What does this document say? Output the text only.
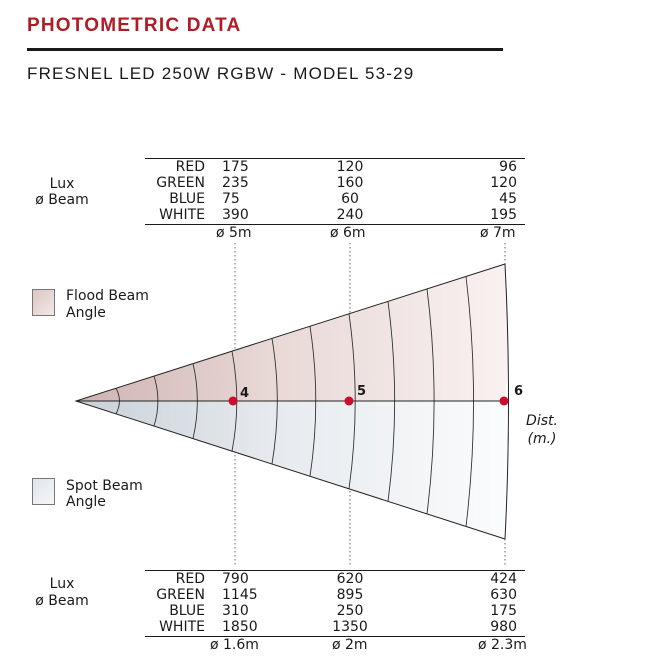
PHOTOMETRIC DATA
FRESNEL LED 250W RGBW - MODEL 53-29
Lux
ø Beam
RED 175	120	96
GREEN 235	160	120
BLUE 75	60	45
WHITE 390	240	195
ø 5m	ø 6m	ø 7m
Flood Beam
Angle
Spot Beam
Angle
4	5	6
Dist.
(m.)
Lux
ø Beam
RED 790	620	424
GREEN 1145	895	630
BLUE 310	250	175
WHITE 1850	1350	980
ø 1.6m	ø 2m	ø 2.3m
